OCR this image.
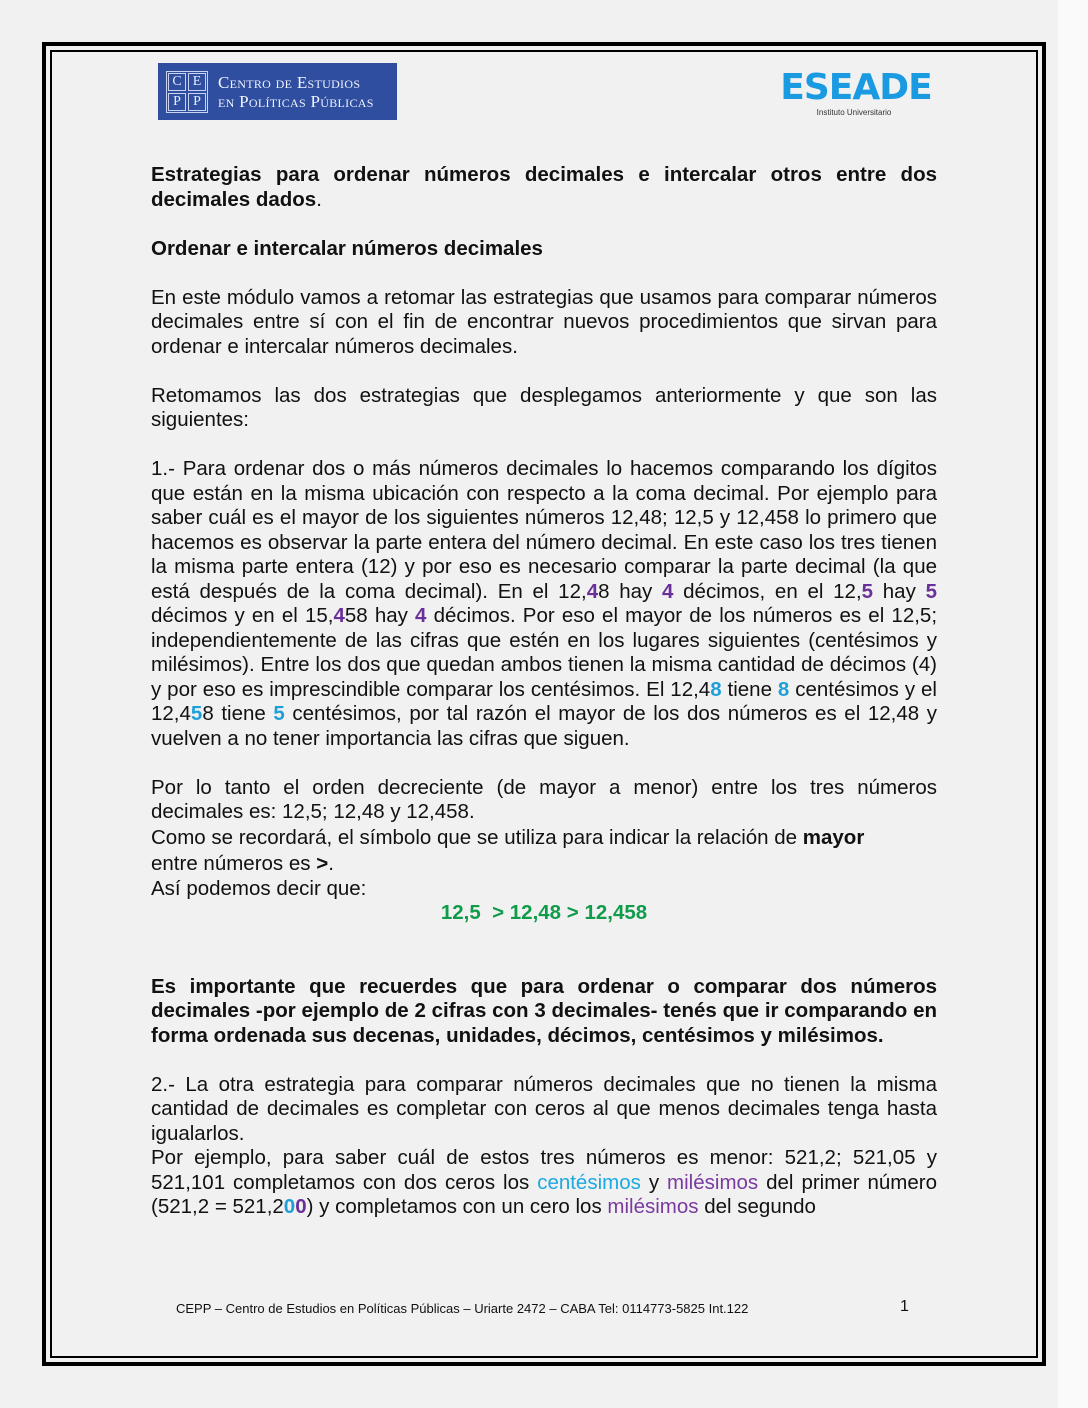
C E
P P
Centro de Estudios
en Políticas Públicas	ESEADE
Instituto Universitario

Estrategias para ordenar números decimales e intercalar otros entre dos decimales dados.

Ordenar e intercalar números decimales

En este módulo vamos a retomar las estrategias que usamos para comparar números decimales entre sí con el fin de encontrar nuevos procedimientos que sirvan para ordenar e intercalar números decimales.

Retomamos las dos estrategias que desplegamos anteriormente y que son las siguientes:

1.- Para ordenar dos o más números decimales lo hacemos comparando los dígitos que están en la misma ubicación con respecto a la coma decimal. Por ejemplo para saber cuál es el mayor de los siguientes números 12,48; 12,5 y 12,458 lo primero que hacemos es observar la parte entera del número decimal. En este caso los tres tienen la misma parte entera (12) y por eso es necesario comparar la parte decimal (la que está después de la coma decimal). En el 12,48 hay 4 décimos, en el 12,5 hay 5 décimos y en el 15,458 hay 4 décimos. Por eso el mayor de los números es el 12,5; independientemente de las cifras que estén en los lugares siguientes (centésimos y milésimos). Entre los dos que quedan ambos tienen la misma cantidad de décimos (4) y por eso es imprescindible comparar los centésimos. El 12,48 tiene 8 centésimos y el 12,458 tiene 5 centésimos, por tal razón el mayor de los dos números es el 12,48 y vuelven a no tener importancia las cifras que siguen.

Por lo tanto el orden decreciente (de mayor a menor) entre los tres números decimales es: 12,5; 12,48 y 12,458.

Como se recordará, el símbolo que se utiliza para indicar la relación de mayor
entre números es >.

Así podemos decir que:

12,5  > 12,48 > 12,458

Es importante que recuerdes que para ordenar o comparar dos números decimales -por ejemplo de 2 cifras con 3 decimales- tenés que ir comparando en forma ordenada sus decenas, unidades, décimos, centésimos y milésimos.

2.- La otra estrategia para comparar números decimales que no tienen la misma cantidad de decimales es completar con ceros al que menos decimales tenga hasta igualarlos.

Por ejemplo, para saber cuál de estos tres números es menor: 521,2; 521,05 y 521,101 completamos con dos ceros los centésimos y milésimos del primer número (521,2 = 521,200) y completamos con un cero los milésimos del segundo

CEPP – Centro de Estudios en Políticas Públicas – Uriarte 2472 – CABA Tel: 0114773-5825 Int.122	1
